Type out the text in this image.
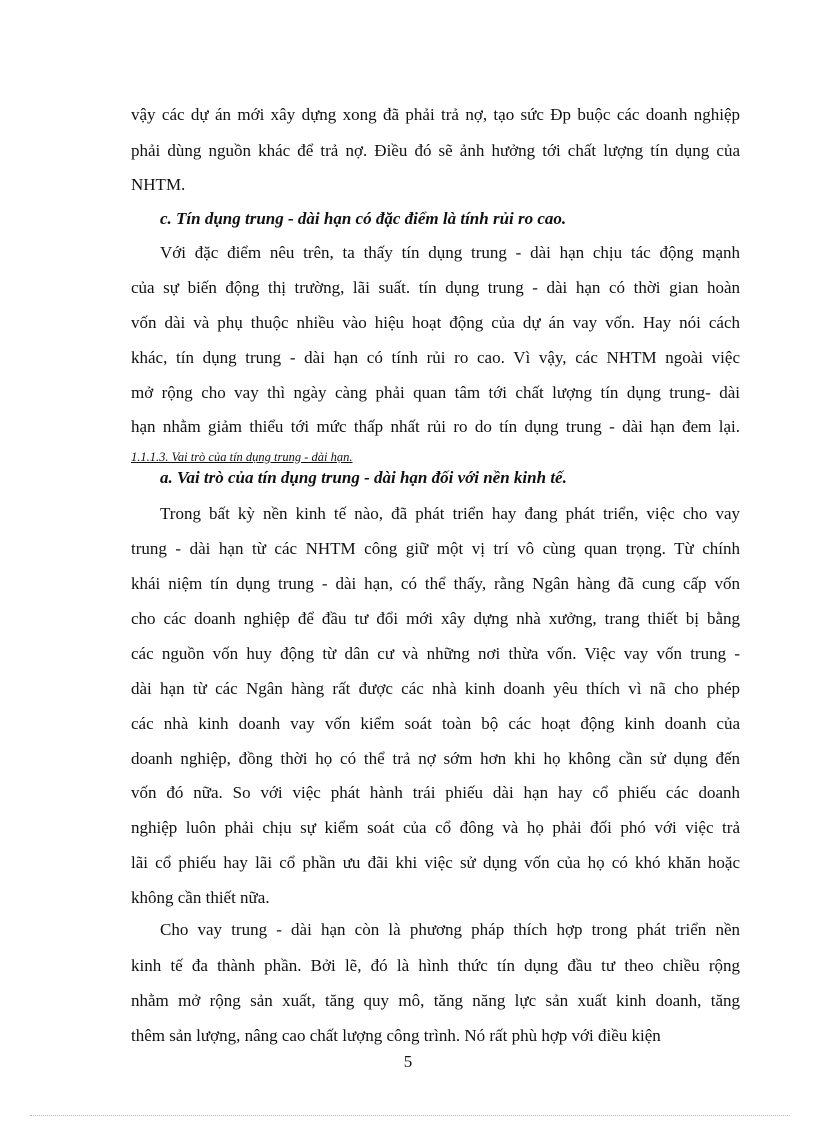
vậy các dự án mới xây dựng xong đã phải trả nợ, tạo sức Đp buộc các doanh nghiệp
phải dùng nguồn khác để trả nợ. Điều đó sẽ ảnh hưởng tới chất lượng tín dụng của
NHTM.
c. Tín dụng trung - dài hạn có đặc điểm là tính rủi ro cao.
Với đặc điểm nêu trên, ta thấy tín dụng trung - dài hạn chịu tác động mạnh
của sự biến động thị trường, lãi suất. tín dụng trung - dài hạn có thời gian hoàn
vốn dài và phụ thuộc nhiều vào hiệu hoạt động của dự án vay vốn. Hay nói cách
khác, tín dụng trung - dài hạn có tính rủi ro cao. Vì vậy, các NHTM ngoài việc
mở rộng cho vay thì ngày càng phải quan tâm tới chất lượng tín dụng trung- dài
hạn nhằm giảm thiểu tới mức thấp nhất rủi ro do tín dụng trung - dài hạn đem lại.
1.1.1.3. Vai trò của tín dụng trung - dài hạn.
a. Vai trò của tín dụng trung - dài hạn đối với nền kinh tế.
Trong bất kỳ nền kinh tế nào, đã phát triển hay đang phát triển, việc cho vay
trung - dài hạn từ các NHTM công giữ một vị trí vô cùng quan trọng. Từ chính
khái niệm tín dụng trung - dài hạn, có thể thấy, rằng Ngân hàng đã cung cấp vốn
cho các doanh nghiệp để đầu tư đổi mới xây dựng nhà xưởng, trang thiết bị bằng
các nguồn vốn huy động từ dân cư và những nơi thừa vốn. Việc vay vốn trung -
dài hạn từ các Ngân hàng rất được các nhà kinh doanh yêu thích vì nã cho phép
các nhà kinh doanh vay vốn kiểm soát toàn bộ các hoạt động kinh doanh của
doanh nghiệp, đồng thời họ có thể trả nợ sớm hơn khi họ không cần sử dụng đến
vốn đó nữa. So với việc phát hành trái phiếu dài hạn hay cổ phiếu các doanh
nghiệp luôn phải chịu sự kiểm soát của cổ đông và họ phải đối phó với việc trả
lãi cổ phiếu hay lãi cổ phần ưu đãi khi việc sử dụng vốn của họ có khó khăn hoặc
không cần thiết nữa.
Cho vay trung - dài hạn còn là phương pháp thích hợp trong phát triển nền
kinh tế đa thành phần. Bởi lẽ, đó là hình thức tín dụng đầu tư theo chiều rộng
nhằm mở rộng sản xuất, tăng quy mô, tăng năng lực sản xuất kinh doanh, tăng
thêm sản lượng, nâng cao chất lượng công trình. Nó rất phù hợp với điều kiện
5
